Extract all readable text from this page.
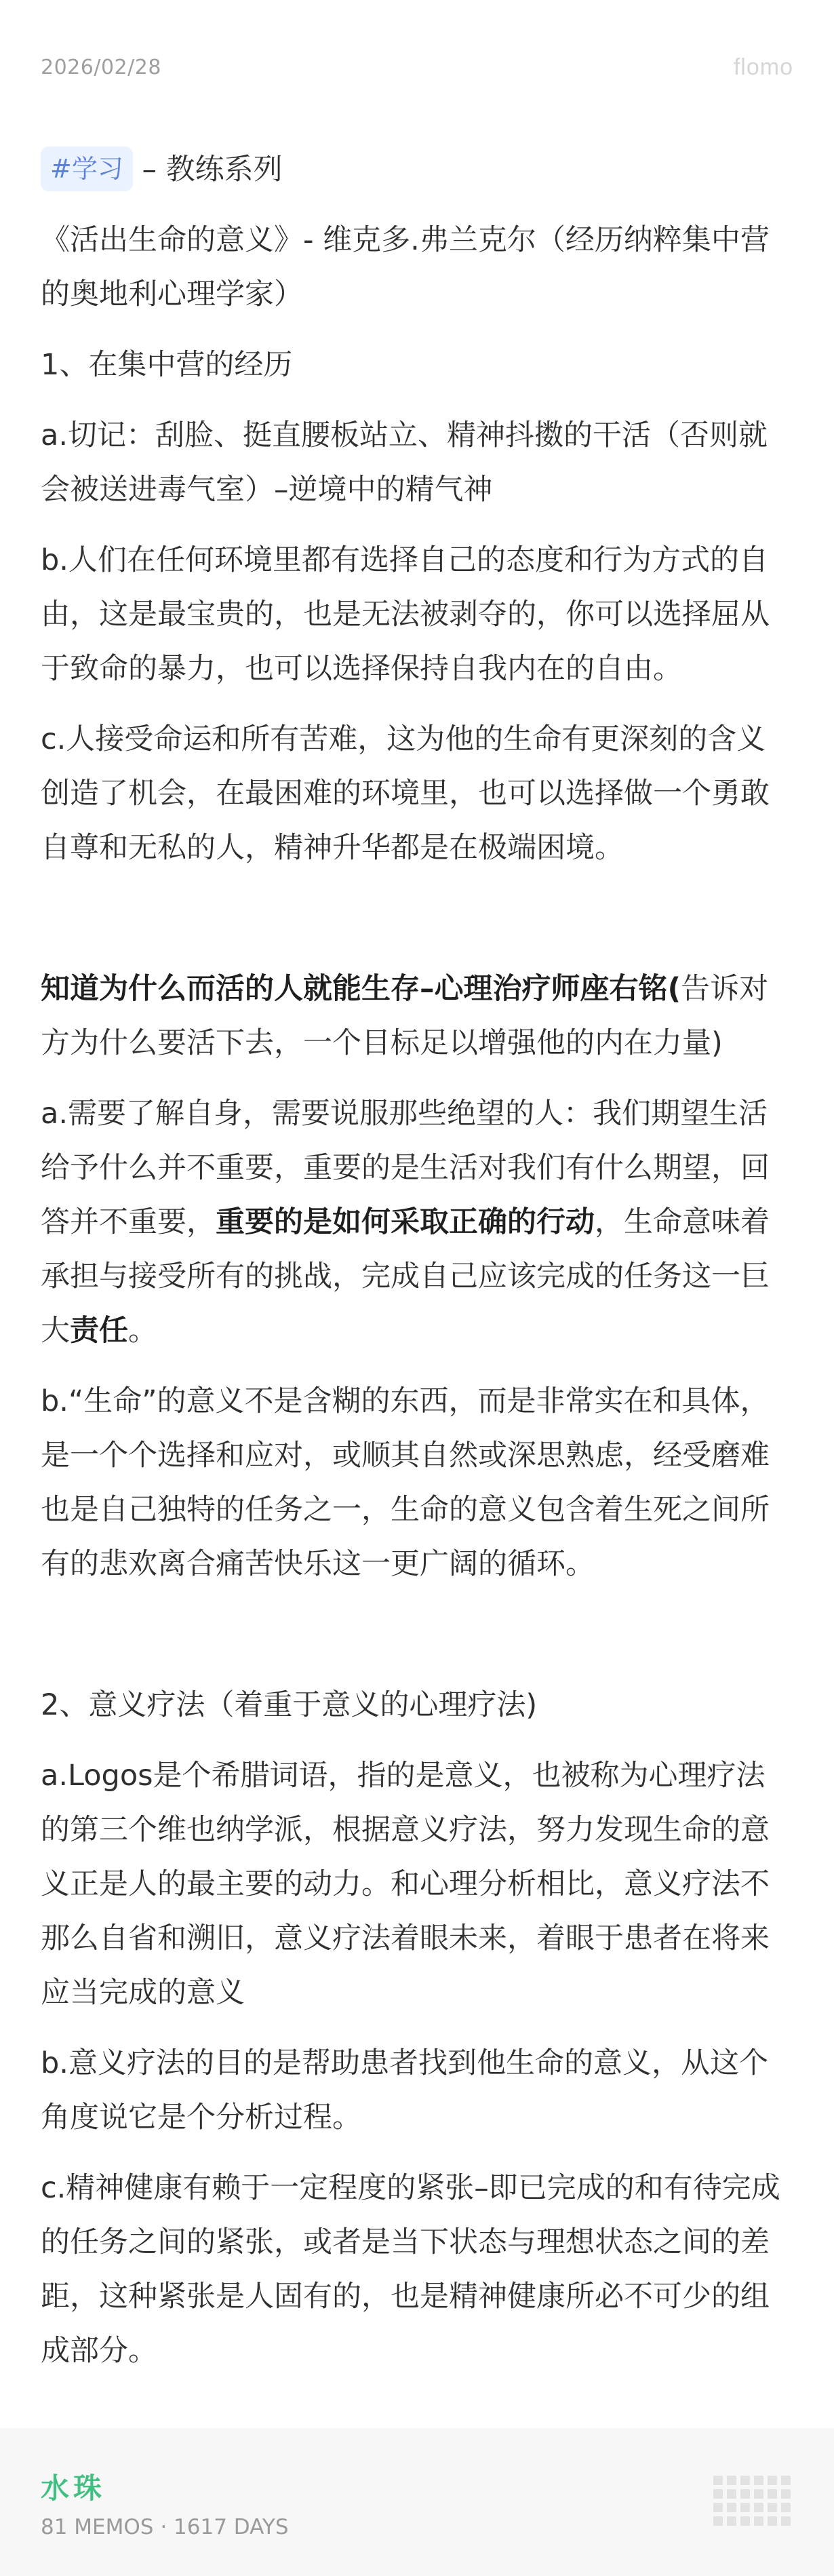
2026/02/28	flomo
#学习 – 教练系列
《活出生命的意义》- 维克多.弗兰克尔（经历纳粹集中营的奥地利心理学家）
1、在集中营的经历
a.切记：刮脸、挺直腰板站立、精神抖擞的干活（否则就会被送进毒气室）–逆境中的精气神
b.人们在任何环境里都有选择自己的态度和行为方式的自由，这是最宝贵的，也是无法被剥夺的，你可以选择屈从于致命的暴力，也可以选择保持自我内在的自由。
c.人接受命运和所有苦难，这为他的生命有更深刻的含义创造了机会，在最困难的环境里，也可以选择做一个勇敢自尊和无私的人，精神升华都是在极端困境。
知道为什么而活的人就能生存–心理治疗师座右铭(告诉对方为什么要活下去，一个目标足以增强他的内在力量)
a.需要了解自身，需要说服那些绝望的人：我们期望生活给予什么并不重要，重要的是生活对我们有什么期望，回答并不重要，重要的是如何采取正确的行动，生命意味着承担与接受所有的挑战，完成自己应该完成的任务这一巨大责任。
b.“生命”的意义不是含糊的东西，而是非常实在和具体，是一个个选择和应对，或顺其自然或深思熟虑，经受磨难也是自己独特的任务之一，生命的意义包含着生死之间所有的悲欢离合痛苦快乐这一更广阔的循环。
2、意义疗法（着重于意义的心理疗法)
a.Logos是个希腊词语，指的是意义，也被称为心理疗法的第三个维也纳学派，根据意义疗法，努力发现生命的意义正是人的最主要的动力。和心理分析相比，意义疗法不那么自省和溯旧，意义疗法着眼未来，着眼于患者在将来应当完成的意义
b.意义疗法的目的是帮助患者找到他生命的意义，从这个角度说它是个分析过程。
c.精神健康有赖于一定程度的紧张–即已完成的和有待完成的任务之间的紧张，或者是当下状态与理想状态之间的差距，这种紧张是人固有的，也是精神健康所必不可少的组成部分。
水珠
81 MEMOS · 1617 DAYS
